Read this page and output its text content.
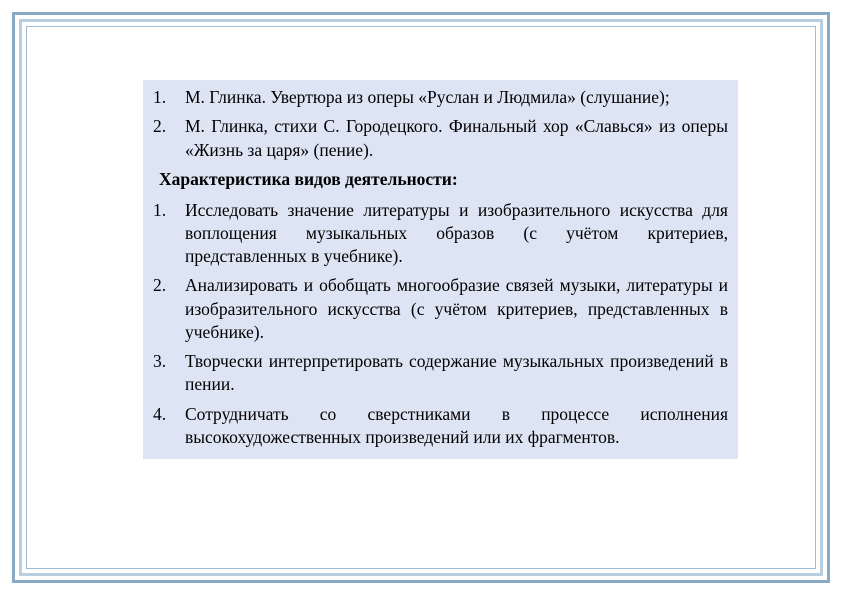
1.	М. Глинка. Увертюра из оперы «Руслан и Людмила» (слушание);
2.	М. Глинка, стихи С. Городецкого. Финальный хор «Славься» из оперы «Жизнь за царя» (пение).
Характеристика видов деятельности:
1.	Исследовать значение литературы и изобразительного искусства для воплощения музыкальных образов (с учётом критериев, представленных в учебнике).
2.	Анализировать и обобщать многообразие связей музыки, литературы и изобразительного искусства (с учётом критериев, представленных в учебнике).
3.	Творчески интерпретировать содержание музыкальных произведений в пении.
4.	Сотрудничать со сверстниками в процессе исполнения высокохудожественных произведений или их фрагментов.
